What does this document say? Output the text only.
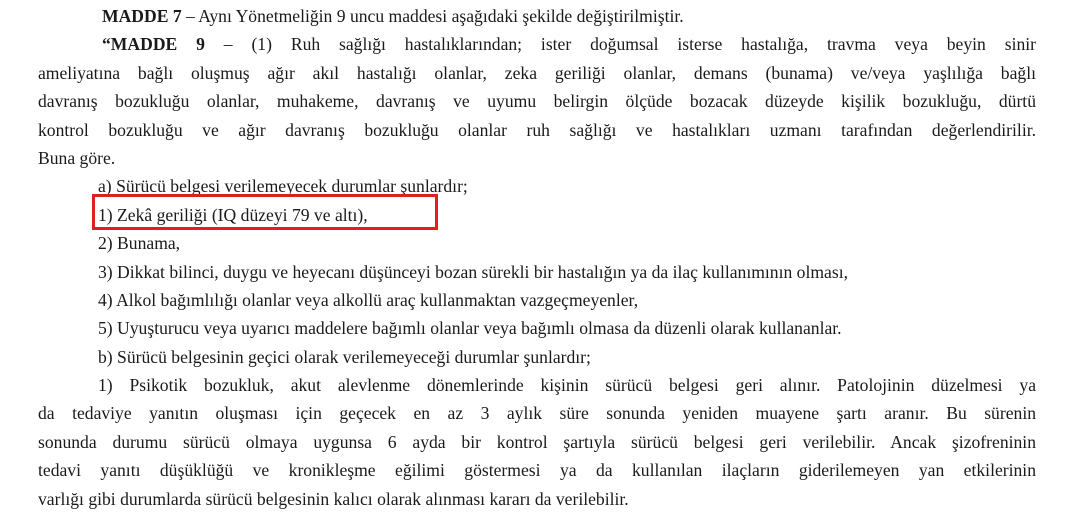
MADDE 7 – Aynı Yönetmeliğin 9 uncu maddesi aşağıdaki şekilde değiştirilmiştir.
“MADDE 9 – (1) Ruh sağlığı hastalıklarından; ister doğumsal isterse hastalığa, travma veya beyin sinir
ameliyatına bağlı oluşmuş ağır akıl hastalığı olanlar, zeka geriliği olanlar, demans (bunama) ve/veya yaşlılığa bağlı
davranış bozukluğu olanlar, muhakeme, davranış ve uyumu belirgin ölçüde bozacak düzeyde kişilik bozukluğu, dürtü
kontrol bozukluğu ve ağır davranış bozukluğu olanlar ruh sağlığı ve hastalıkları uzmanı tarafından değerlendirilir.
Buna göre.
a) Sürücü belgesi verilemeyecek durumlar şunlardır;
1) Zekâ geriliği (IQ düzeyi 79 ve altı),
2) Bunama,
3) Dikkat bilinci, duygu ve heyecanı düşünceyi bozan sürekli bir hastalığın ya da ilaç kullanımının olması,
4) Alkol bağımlılığı olanlar veya alkollü araç kullanmaktan vazgeçmeyenler,
5) Uyuşturucu veya uyarıcı maddelere bağımlı olanlar veya bağımlı olmasa da düzenli olarak kullananlar.
b) Sürücü belgesinin geçici olarak verilemeyeceği durumlar şunlardır;
1) Psikotik bozukluk, akut alevlenme dönemlerinde kişinin sürücü belgesi geri alınır. Patolojinin düzelmesi ya
da tedaviye yanıtın oluşması için geçecek en az 3 aylık süre sonunda yeniden muayene şartı aranır. Bu sürenin
sonunda durumu sürücü olmaya uygunsa 6 ayda bir kontrol şartıyla sürücü belgesi geri verilebilir. Ancak şizofreninin
tedavi yanıtı düşüklüğü ve kronikleşme eğilimi göstermesi ya da kullanılan ilaçların giderilemeyen yan etkilerinin
varlığı gibi durumlarda sürücü belgesinin kalıcı olarak alınması kararı da verilebilir.
